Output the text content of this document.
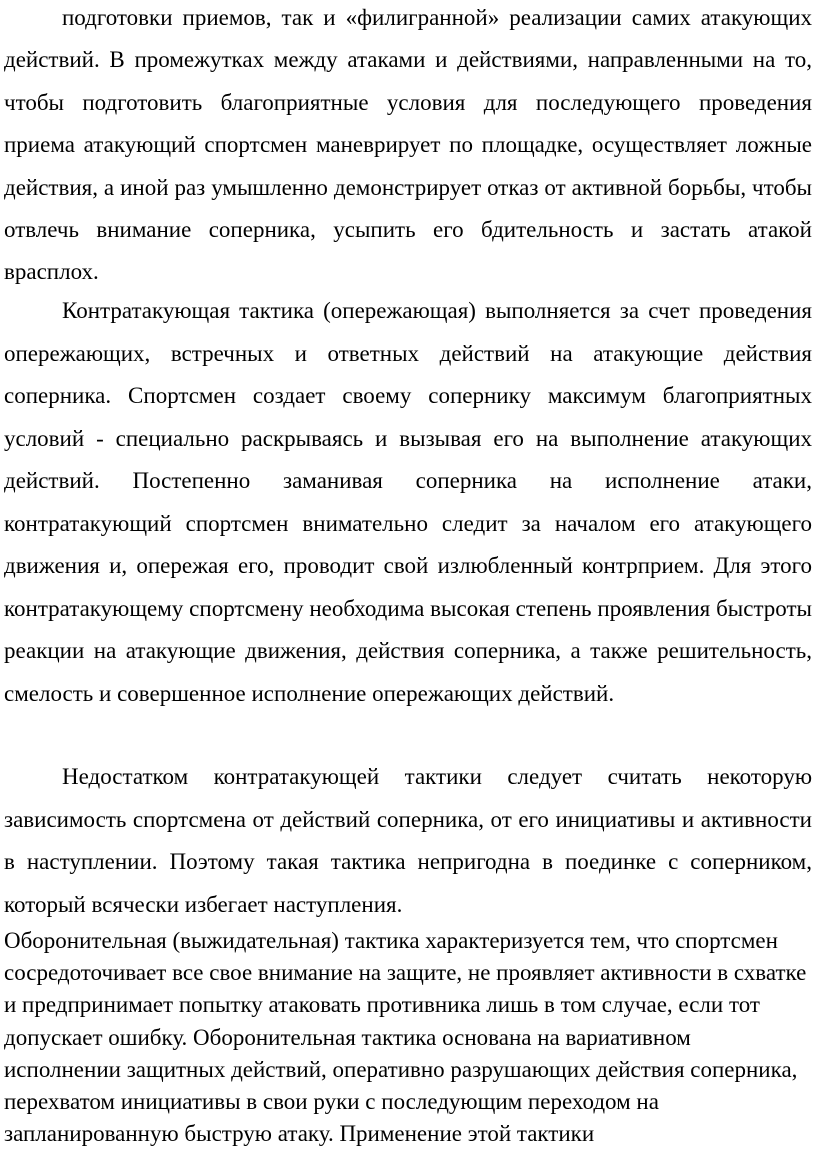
подготовки приемов, так и «филигранной» реализации самих атакующих действий. В промежутках между атаками и действиями, направленными на то, чтобы подготовить благоприятные условия для последующего проведения приема атакующий спортсмен маневрирует по площадке, осуществляет ложные действия, а иной раз умышленно демонстрирует отказ от активной борьбы, чтобы отвлечь внимание соперника, усыпить его бдительность и застать атакой врасплох.

Контратакующая тактика (опережающая) выполняется за счет проведения опережающих, встречных и ответных действий на атакующие действия соперника. Спортсмен создает своему сопернику максимум благоприятных условий - специально раскрываясь и вызывая его на выполнение атакующих действий. Постепенно заманивая соперника на исполнение атаки, контратакующий спортсмен внимательно следит за началом его атакующего движения и, опережая его, проводит свой излюбленный контрприем. Для этого контратакующему спортсмену необходима высокая степень проявления быстроты реакции на атакующие движения, действия соперника, а также решительность, смелость и совершенное исполнение опережающих действий.

Недостатком контратакующей тактики следует считать некоторую зависимость спортсмена от действий соперника, от его инициативы и активности в наступлении. Поэтому такая тактика непригодна в поединке с соперником, который всячески избегает наступления.

Оборонительная (выжидательная) тактика характеризуется тем, что спортсмен сосредоточивает все свое внимание на защите, не проявляет активности в схватке и предпринимает попытку атаковать противника лишь в том случае, если тот допускает ошибку. Оборонительная тактика основана на вариативном исполнении защитных действий, оперативно разрушающих действия соперника, перехватом инициативы в свои руки с последующим переходом на запланированную быструю атаку. Применение этой тактики
